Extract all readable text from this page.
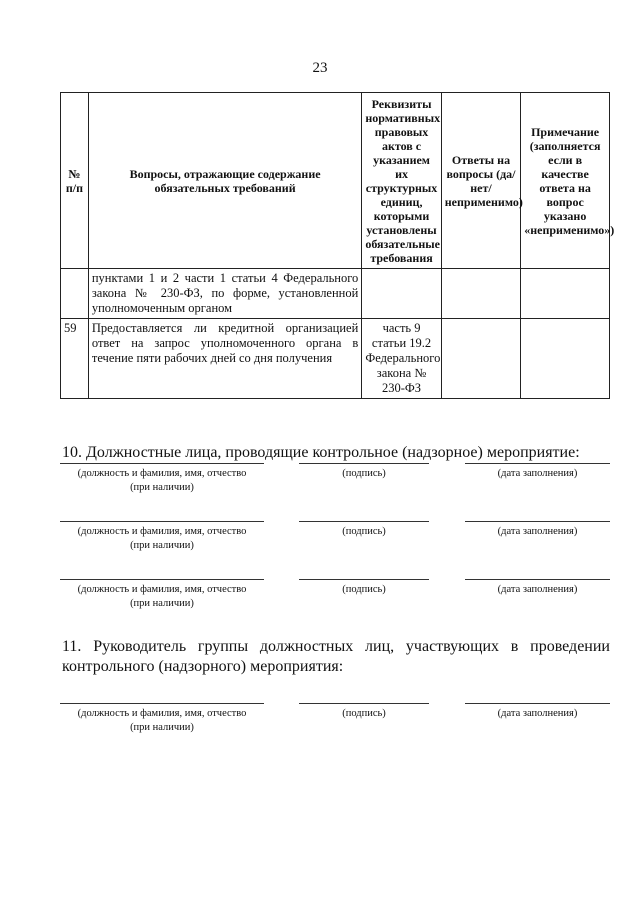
23
№ п/п	Вопросы, отражающие содержание обязательных требований	Реквизиты нормативных правовых актов с указанием их структурных единиц, которыми установлены обязательные требования	Ответы на вопросы (да/нет/ неприменимо)	Примечание (заполняется если в качестве ответа на вопрос указано «неприменимо»)
	пунктами 1 и 2 части 1 статьи 4 Федерального закона № 230-ФЗ, по форме, установленной уполномоченным органом			
59	Предоставляется ли кредитной организацией ответ на запрос уполномоченного органа в течение пяти рабочих дней со дня получения	часть 9 статьи 19.2 Федерального закона № 230-ФЗ		
10. Должностные лица, проводящие контрольное (надзорное) мероприятие:
(должность и фамилия, имя, отчество
(при наличии)
(подпись)	(дата заполнения)
(должность и фамилия, имя, отчество
(при наличии)
(подпись)	(дата заполнения)
(должность и фамилия, имя, отчество
(при наличии)
(подпись)	(дата заполнения)
11. Руководитель группы должностных лиц, участвующих в проведении
контрольного (надзорного) мероприятия:
(должность и фамилия, имя, отчество
(при наличии)
(подпись)	(дата заполнения)
